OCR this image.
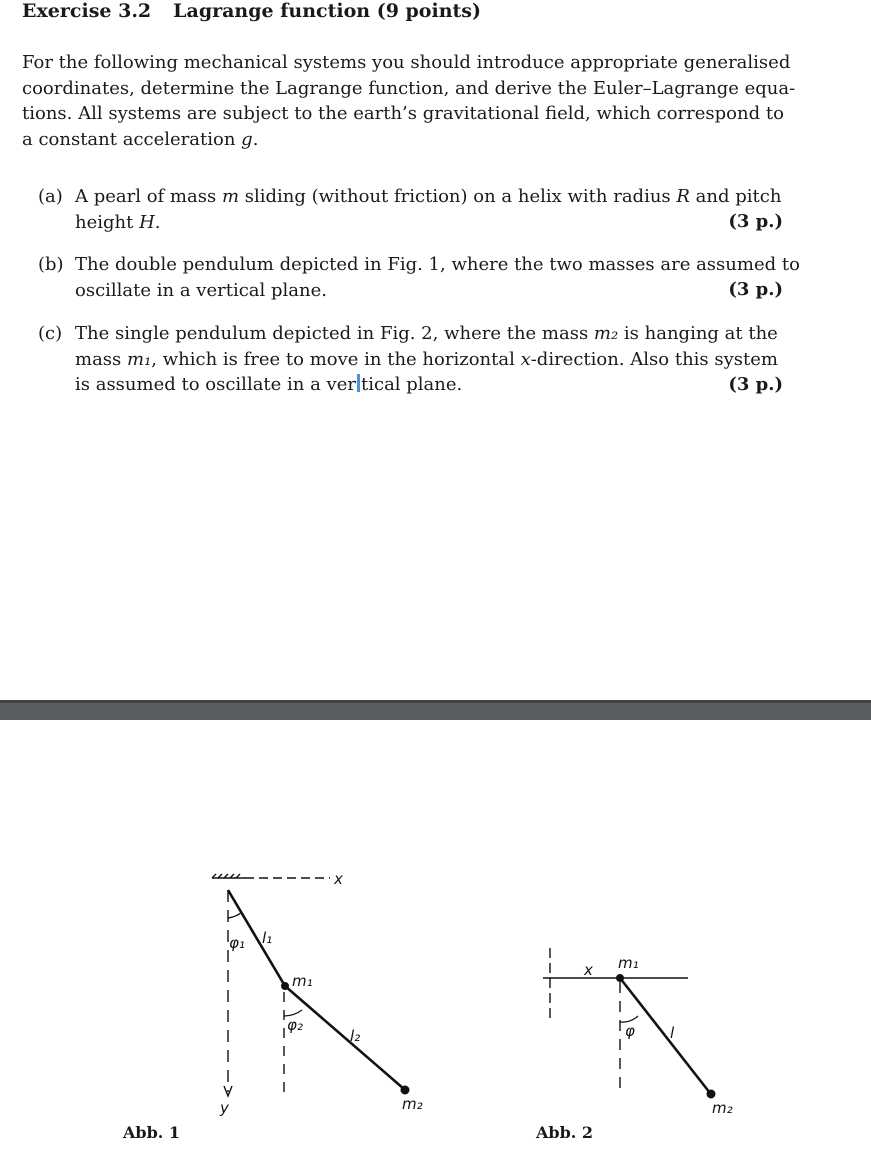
Exercise 3.2 Lagrange function (9 points)
For the following mechanical systems you should introduce appropriate generalised
coordinates, determine the Lagrange function, and derive the Euler–Lagrange equa-
tions. All systems are subject to the earth’s gravitational field, which correspond to
a constant acceleration g.
(a) A pearl of mass m sliding (without friction) on a helix with radius R and pitch
height H.	(3 p.)
(b) The double pendulum depicted in Fig. 1, where the two masses are assumed to
oscillate in a vertical plane.	(3 p.)
(c) The single pendulum depicted in Fig. 2, where the mass m₂ is hanging at the
mass m₁, which is free to move in the horizontal x-direction. Also this system
is assumed to oscillate in a ver tical plane.	(3 p.)
x
y
φ₁ l₁
m₁
φ₂
l₂
m₂
x m₁
φ l
m₂
Abb. 1	Abb. 2
